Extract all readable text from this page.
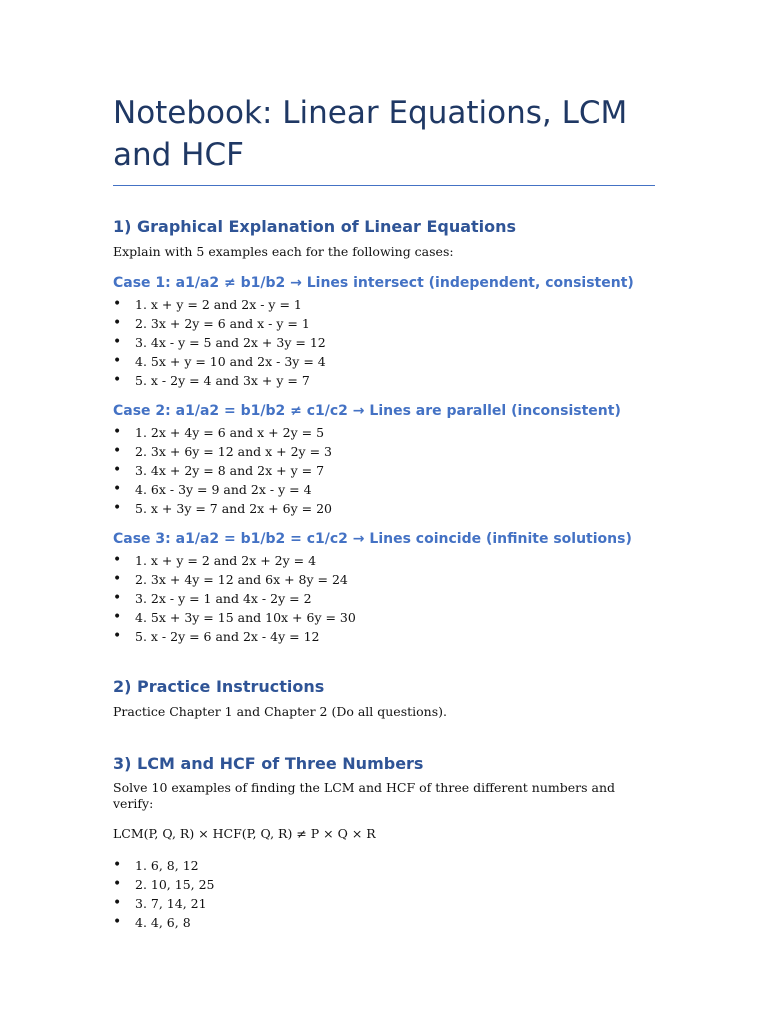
Notebook: Linear Equations, LCM and HCF
1) Graphical Explanation of Linear Equations

Explain with 5 examples each for the following cases:

Case 1: a1/a2 ≠ b1/b2 → Lines intersect (independent, consistent)
• 1. x + y = 2 and 2x - y = 1
• 2. 3x + 2y = 6 and x - y = 1
• 3. 4x - y = 5 and 2x + 3y = 12
• 4. 5x + y = 10 and 2x - 3y = 4
• 5. x - 2y = 4 and 3x + y = 7
Case 2: a1/a2 = b1/b2 ≠ c1/c2 → Lines are parallel (inconsistent)
• 1. 2x + 4y = 6 and x + 2y = 5
• 2. 3x + 6y = 12 and x + 2y = 3
• 3. 4x + 2y = 8 and 2x + y = 7
• 4. 6x - 3y = 9 and 2x - y = 4
• 5. x + 3y = 7 and 2x + 6y = 20
Case 3: a1/a2 = b1/b2 = c1/c2 → Lines coincide (infinite solutions)
• 1. x + y = 2 and 2x + 2y = 4
• 2. 3x + 4y = 12 and 6x + 8y = 24
• 3. 2x - y = 1 and 4x - 2y = 2
• 4. 5x + 3y = 15 and 10x + 6y = 30
• 5. x - 2y = 6 and 2x - 4y = 12
2) Practice Instructions

Practice Chapter 1 and Chapter 2 (Do all questions).

3) LCM and HCF of Three Numbers

Solve 10 examples of finding the LCM and HCF of three different numbers and verify:

LCM(P, Q, R) × HCF(P, Q, R) ≠ P × Q × R

• 1. 6, 8, 12
• 2. 10, 15, 25
• 3. 7, 14, 21
• 4. 4, 6, 8
